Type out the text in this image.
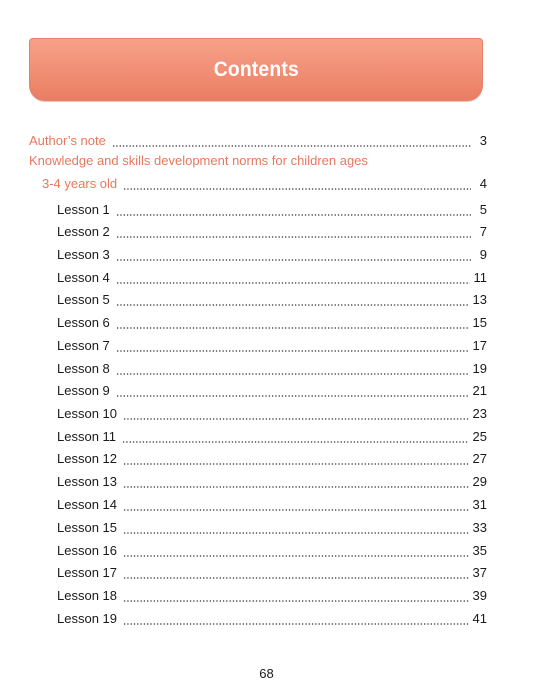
Contents
Author’s note	3
Knowledge and skills development norms for children ages
3-4 years old	4
Lesson 1	5
Lesson 2	7
Lesson 3	9
Lesson 4	11
Lesson 5	13
Lesson 6	15
Lesson 7	17
Lesson 8	19
Lesson 9	21
Lesson 10	23
Lesson 11	25
Lesson 12	27
Lesson 13	29
Lesson 14	31
Lesson 15	33
Lesson 16	35
Lesson 17	37
Lesson 18	39
Lesson 19	41
68
